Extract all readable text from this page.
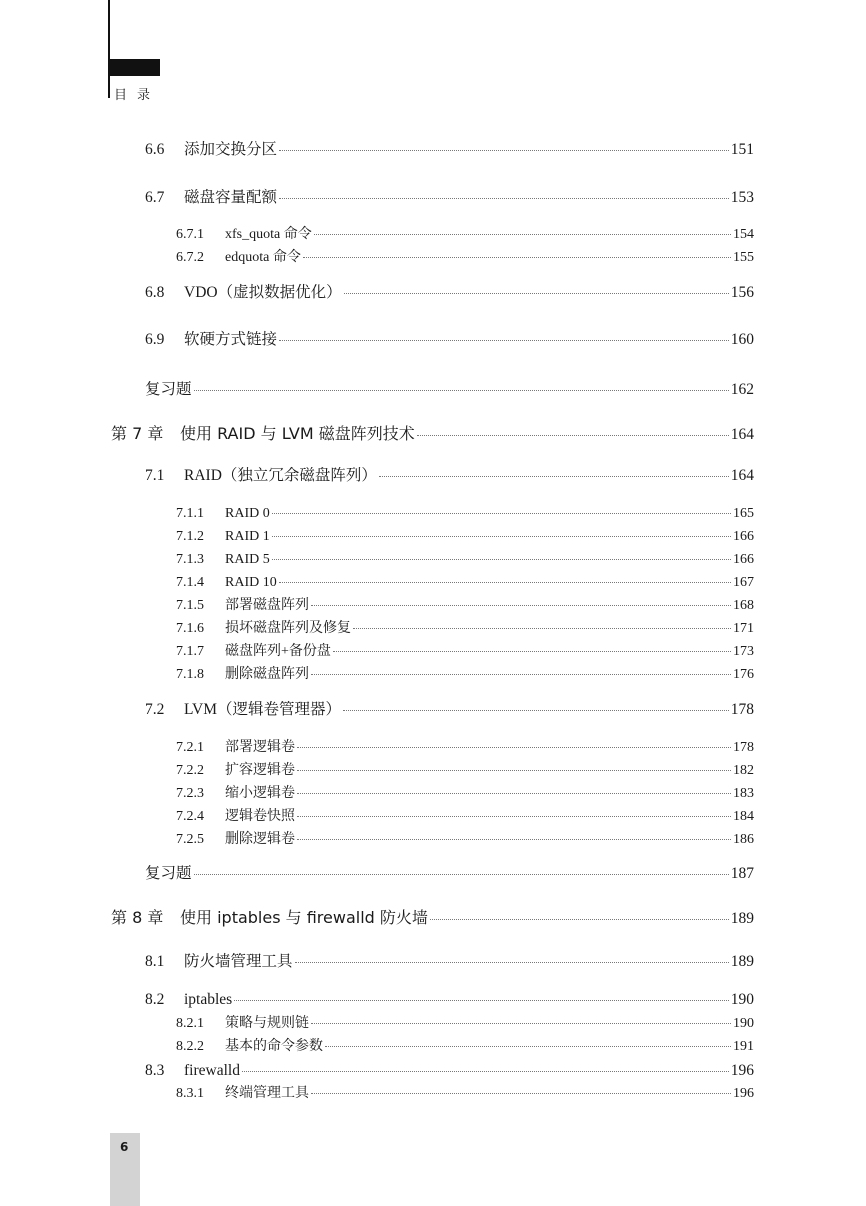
目录
6.6	添加交换分区	151
6.7	磁盘容量配额	153
6.7.1	xfs_quota 命令	154
6.7.2	edquota 命令	155
6.8	VDO（虚拟数据优化）	156
6.9	软硬方式链接	160
复习题	162
第 7 章	使用 RAID 与 LVM 磁盘阵列技术	164
7.1	RAID（独立冗余磁盘阵列）	164
7.1.1	RAID 0	165
7.1.2	RAID 1	166
7.1.3	RAID 5	166
7.1.4	RAID 10	167
7.1.5	部署磁盘阵列	168
7.1.6	损坏磁盘阵列及修复	171
7.1.7	磁盘阵列+备份盘	173
7.1.8	删除磁盘阵列	176
7.2	LVM（逻辑卷管理器）	178
7.2.1	部署逻辑卷	178
7.2.2	扩容逻辑卷	182
7.2.3	缩小逻辑卷	183
7.2.4	逻辑卷快照	184
7.2.5	删除逻辑卷	186
复习题	187
第 8 章	使用 iptables 与 firewalld 防火墙	189
8.1	防火墙管理工具	189
8.2	iptables	190
8.2.1	策略与规则链	190
8.2.2	基本的命令参数	191
8.3	firewalld	196
8.3.1	终端管理工具	196
6
